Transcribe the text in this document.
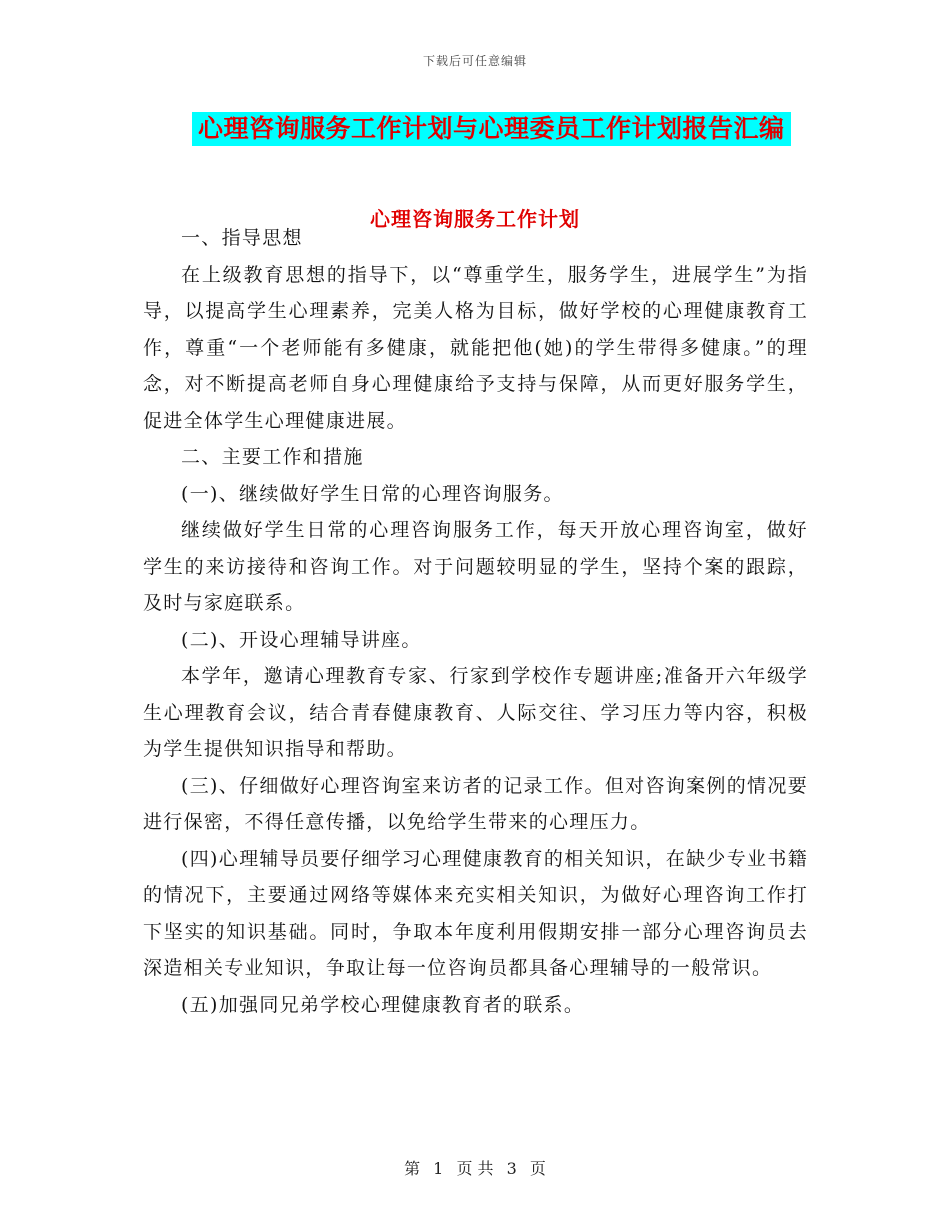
下载后可任意编辑
心理咨询服务工作计划与心理委员工作计划报告汇编
心理咨询服务工作计划

一、指导思想

在上级教育思想的指导下，以“尊重学生，服务学生，进展学生”为指导，以提高学生心理素养，完美人格为目标，做好学校的心理健康教育工作，尊重“一个老师能有多健康，就能把他(她)的学生带得多健康。”的理念，对不断提高老师自身心理健康给予支持与保障，从而更好服务学生，促进全体学生心理健康进展。

二、主要工作和措施

(一)、继续做好学生日常的心理咨询服务。

继续做好学生日常的心理咨询服务工作，每天开放心理咨询室，做好学生的来访接待和咨询工作。对于问题较明显的学生，坚持个案的跟踪，及时与家庭联系。

(二)、开设心理辅导讲座。

本学年，邀请心理教育专家、行家到学校作专题讲座;准备开六年级学生心理教育会议，结合青春健康教育、人际交往、学习压力等内容，积极为学生提供知识指导和帮助。

(三)、仔细做好心理咨询室来访者的记录工作。但对咨询案例的情况要进行保密，不得任意传播，以免给学生带来的心理压力。

(四)心理辅导员要仔细学习心理健康教育的相关知识，在缺少专业书籍的情况下，主要通过网络等媒体来充实相关知识，为做好心理咨询工作打下坚实的知识基础。同时，争取本年度利用假期安排一部分心理咨询员去深造相关专业知识，争取让每一位咨询员都具备心理辅导的一般常识。

(五)加强同兄弟学校心理健康教育者的联系。

第 1 页 共 3 页
